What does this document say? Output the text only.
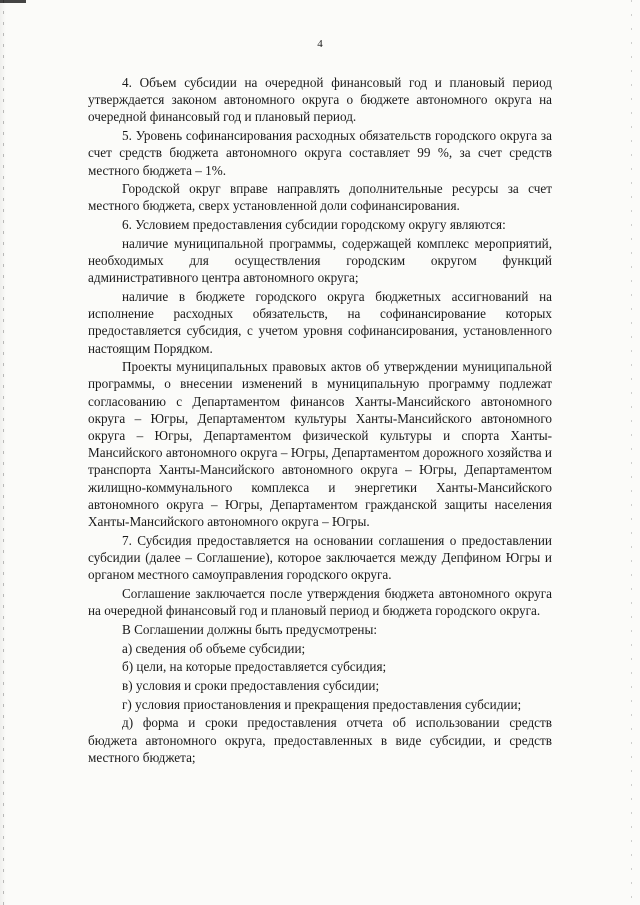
4

4. Объем субсидии на очередной финансовый год и плановый период утверждается законом автономного округа о бюджете автономного округа на очередной финансовый год и плановый период.

5. Уровень софинансирования расходных обязательств городского округа за счет средств бюджета автономного округа составляет 99 %, за счет средств местного бюджета – 1%.

Городской округ вправе направлять дополнительные ресурсы за счет местного бюджета, сверх установленной доли софинансирования.

6. Условием предоставления субсидии городскому округу являются:

наличие муниципальной программы, содержащей комплекс мероприятий, необходимых для осуществления городским округом функций административного центра автономного округа;

наличие в бюджете городского округа бюджетных ассигнований на исполнение расходных обязательств, на софинансирование которых предоставляется субсидия, с учетом уровня софинансирования, установленного настоящим Порядком.

Проекты муниципальных правовых актов об утверждении муниципальной программы, о внесении изменений в муниципальную программу подлежат согласованию с Департаментом финансов Ханты-Мансийского автономного округа – Югры, Департаментом культуры Ханты-Мансийского автономного округа – Югры, Департаментом физической культуры и спорта Ханты-Мансийского автономного округа – Югры, Департаментом дорожного хозяйства и транспорта Ханты-Мансийского автономного округа – Югры, Департаментом жилищно-коммунального комплекса и энергетики Ханты-Мансийского автономного округа – Югры, Департаментом гражданской защиты населения Ханты-Мансийского автономного округа – Югры.

7. Субсидия предоставляется на основании соглашения о предоставлении субсидии (далее – Соглашение), которое заключается между Депфином Югры и органом местного самоуправления городского округа.

Соглашение заключается после утверждения бюджета автономного округа на очередной финансовый год и плановый период и бюджета городского округа.

В Соглашении должны быть предусмотрены:

а) сведения об объеме субсидии;

б) цели, на которые предоставляется субсидия;

в) условия и сроки предоставления субсидии;

г) условия приостановления и прекращения предоставления субсидии;

д) форма и сроки предоставления отчета об использовании средств бюджета автономного округа, предоставленных в виде субсидии, и средств местного бюджета;
